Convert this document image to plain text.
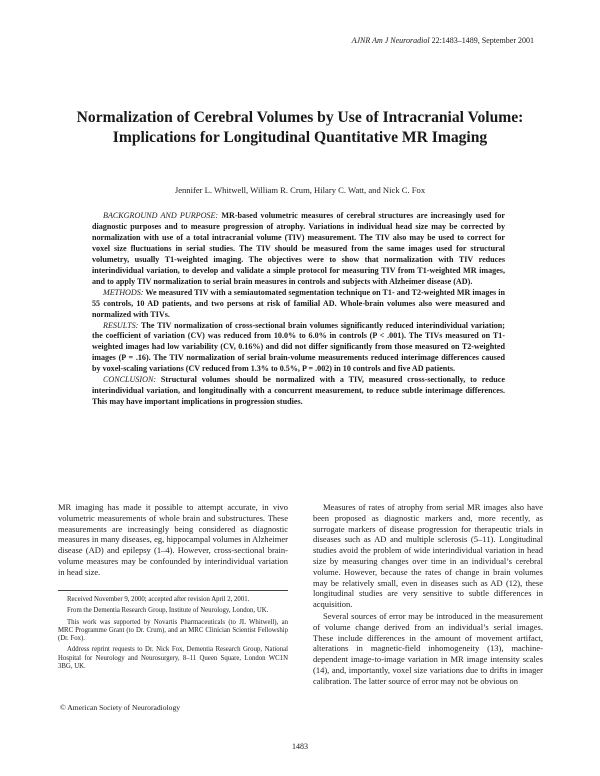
AJNR Am J Neuroradiol 22:1483–1489, September 2001
Normalization of Cerebral Volumes by Use of Intracranial Volume: Implications for Longitudinal Quantitative MR Imaging
Jennifer L. Whitwell, William R. Crum, Hilary C. Watt, and Nick C. Fox

BACKGROUND AND PURPOSE: MR-based volumetric measures of cerebral structures are increasingly used for diagnostic purposes and to measure progression of atrophy. Variations in individual head size may be corrected by normalization with use of a total intracranial volume (TIV) measurement. The TIV also may be used to correct for voxel size fluctuations in serial studies. The TIV should be measured from the same images used for structural volumetry, usually T1-weighted imaging. The objectives were to show that normalization with TIV reduces interindividual variation, to develop and validate a simple protocol for measuring TIV from T1-weighted MR images, and to apply TIV normalization to serial brain measures in controls and subjects with Alzheimer disease (AD).

METHODS: We measured TIV with a semiautomated segmentation technique on T1- and T2-weighted MR images in 55 controls, 10 AD patients, and two persons at risk of familial AD. Whole-brain volumes also were measured and normalized with TIVs.

RESULTS: The TIV normalization of cross-sectional brain volumes significantly reduced interindividual variation; the coefficient of variation (CV) was reduced from 10.0% to 6.0% in controls (P < .001). The TIVs measured on T1-weighted images had low variability (CV, 0.16%) and did not differ significantly from those measured on T2-weighted images (P = .16). The TIV normalization of serial brain-volume measurements reduced interimage differences caused by voxel-scaling variations (CV reduced from 1.3% to 0.5%, P = .002) in 10 controls and five AD patients.

CONCLUSION: Structural volumes should be normalized with a TIV, measured cross-sectionally, to reduce interindividual variation, and longitudinally with a concurrent measurement, to reduce subtle interimage differences. This may have important implications in progression studies.

MR imaging has made it possible to attempt accurate, in vivo volumetric measurements of whole brain and substructures. These measurements are increasingly being considered as diagnostic measures in many diseases, eg, hippocampal volumes in Alzheimer disease (AD) and epilepsy (1–4). However, cross-sectional brain-volume measures may be confounded by interindividual variation in head size.

Received November 9, 2000; accepted after revision April 2, 2001.

From the Dementia Research Group, Institute of Neurology, London, UK.

This work was supported by Novartis Pharmaceuticals (to JL Whitwell), an MRC Programme Grant (to Dr. Crum), and an MRC Clinician Scientist Fellowship (Dr. Fox).

Address reprint requests to Dr. Nick Fox, Dementia Research Group, National Hospital for Neurology and Neurosurgery, 8–11 Queen Square, London WC1N 3BG, UK.

© American Society of Neuroradiology

Measures of rates of atrophy from serial MR images also have been proposed as diagnostic markers and, more recently, as surrogate markers of disease progression for therapeutic trials in diseases such as AD and multiple sclerosis (5–11). Longitudinal studies avoid the problem of wide interindividual variation in head size by measuring changes over time in an individual’s cerebral volume. However, because the rates of change in brain volumes may be relatively small, even in diseases such as AD (12), these longitudinal studies are very sensitive to subtle differences in acquisition.

Several sources of error may be introduced in the measurement of volume change derived from an individual’s serial images. These include differences in the amount of movement artifact, alterations in magnetic-field inhomogeneity (13), machine-dependent image-to-image variation in MR image intensity scales (14), and, importantly, voxel size variations due to drifts in imager calibration. The latter source of error may not be obvious on

1483
